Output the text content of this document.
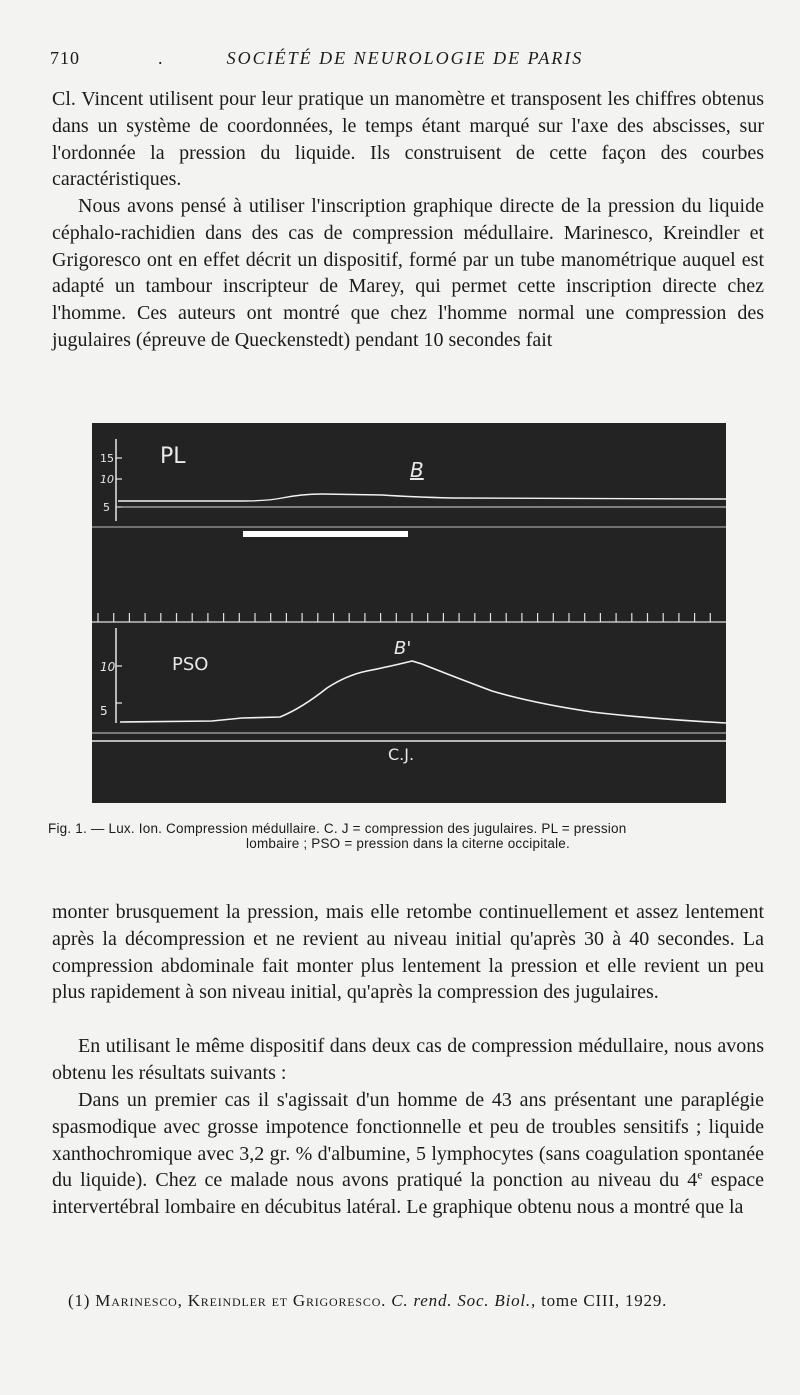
710	.	SOCIÉTÉ DE NEUROLOGIE DE PARIS

Cl. Vincent utilisent pour leur pratique un manomètre et transposent les chiffres obtenus dans un système de coordonnées, le temps étant marqué sur l'axe des abscisses, sur l'ordonnée la pression du liquide. Ils construisent de cette façon des courbes caractéristiques.

Nous avons pensé à utiliser l'inscription graphique directe de la pression du liquide céphalo-rachidien dans des cas de compression médullaire. Marinesco, Kreindler et Grigoresco ont en effet décrit un dispositif, formé par un tube manométrique auquel est adapté un tambour inscripteur de Marey, qui permet cette inscription directe chez l'homme. Ces auteurs ont montré que chez l'homme normal une compression des jugulaires (épreuve de Queckenstedt) pendant 10 secondes fait

15
10
5
PL
B
10
5
PSO
B'
C.J.
Fig. 1. — Lux. Ion. Compression médullaire. C. J = compression des jugulaires. PL = pression
lombaire ; PSO = pression dans la citerne occipitale.

monter brusquement la pression, mais elle retombe continuellement et assez lentement après la décompression et ne revient au niveau initial qu'après 30 à 40 secondes. La compression abdominale fait monter plus lentement la pression et elle revient un peu plus rapidement à son niveau initial, qu'après la compression des jugulaires.

En utilisant le même dispositif dans deux cas de compression médullaire, nous avons obtenu les résultats suivants :

Dans un premier cas il s'agissait d'un homme de 43 ans présentant une paraplégie spasmodique avec grosse impotence fonctionnelle et peu de troubles sensitifs ; liquide xanthochromique avec 3,2 gr. % d'albumine, 5 lymphocytes (sans coagulation spontanée du liquide). Chez ce malade nous avons pratiqué la ponction au niveau du 4e espace intervertébral lombaire en décubitus latéral. Le graphique obtenu nous a montré que la

(1) Marinesco, Kreindler et Grigoresco. C. rend. Soc. Biol., tome CIII, 1929.
